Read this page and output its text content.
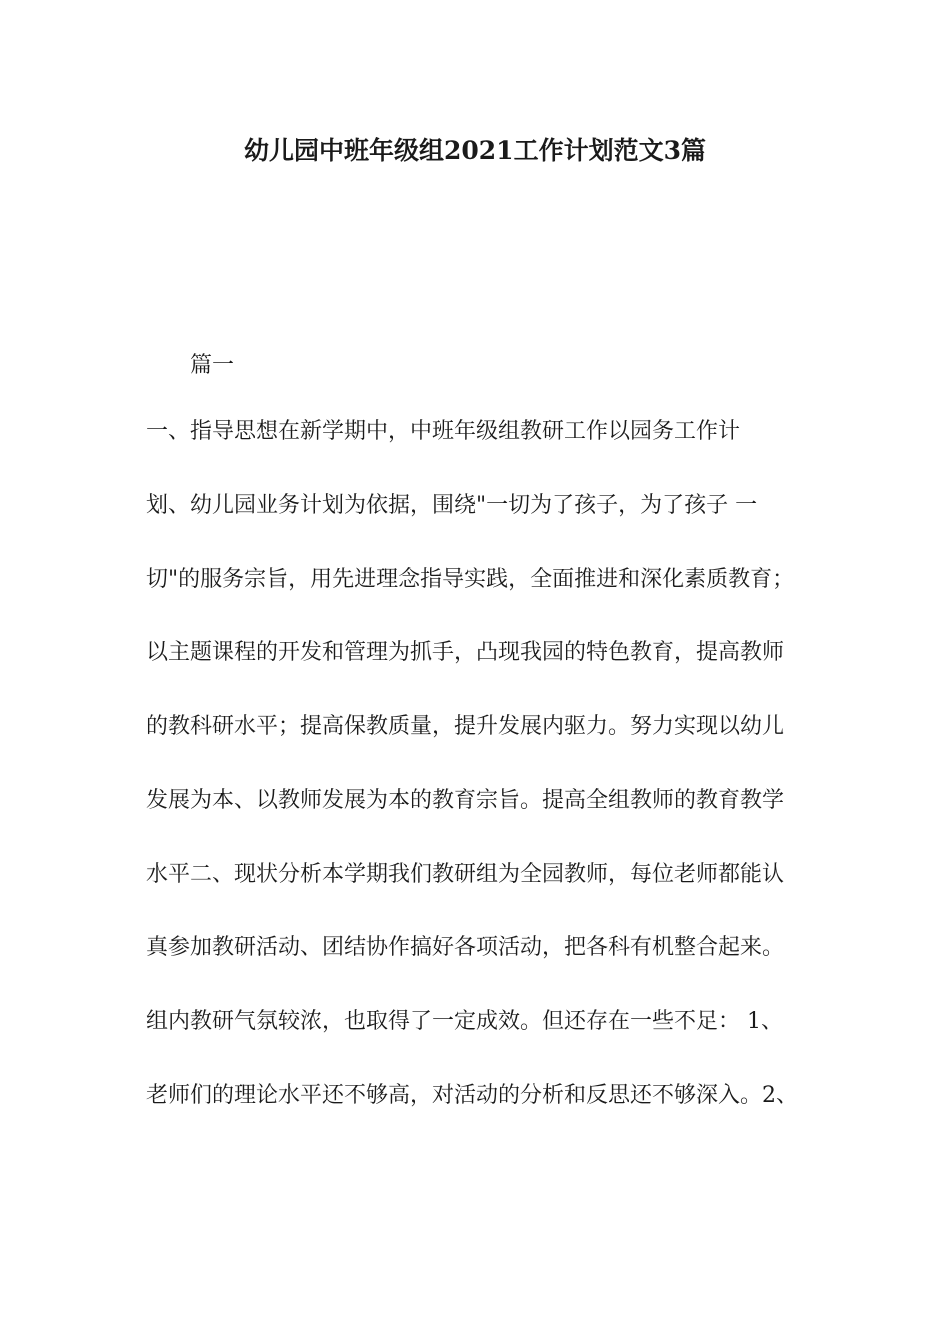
幼儿园中班年级组2021工作计划范文3篇

篇一

一、指导思想在新学期中，中班年级组教研工作以园务工作计

划、幼儿园业务计划为依据，围绕"一切为了孩子，为了孩子 一

切"的服务宗旨，用先进理念指导实践，全面推进和深化素质教育；

以主题课程的开发和管理为抓手，凸现我园的特色教育，提高教师

的教科研水平；提高保教质量，提升发展内驱力。努力实现以幼儿

发展为本、以教师发展为本的教育宗旨。提高全组教师的教育教学

水平二、现状分析本学期我们教研组为全园教师，每位老师都能认

真参加教研活动、团结协作搞好各项活动，把各科有机整合起来。

组内教研气氛较浓，也取得了一定成效。但还存在一些不足： 1、

老师们的理论水平还不够高，对活动的分析和反思还不够深入。2、
